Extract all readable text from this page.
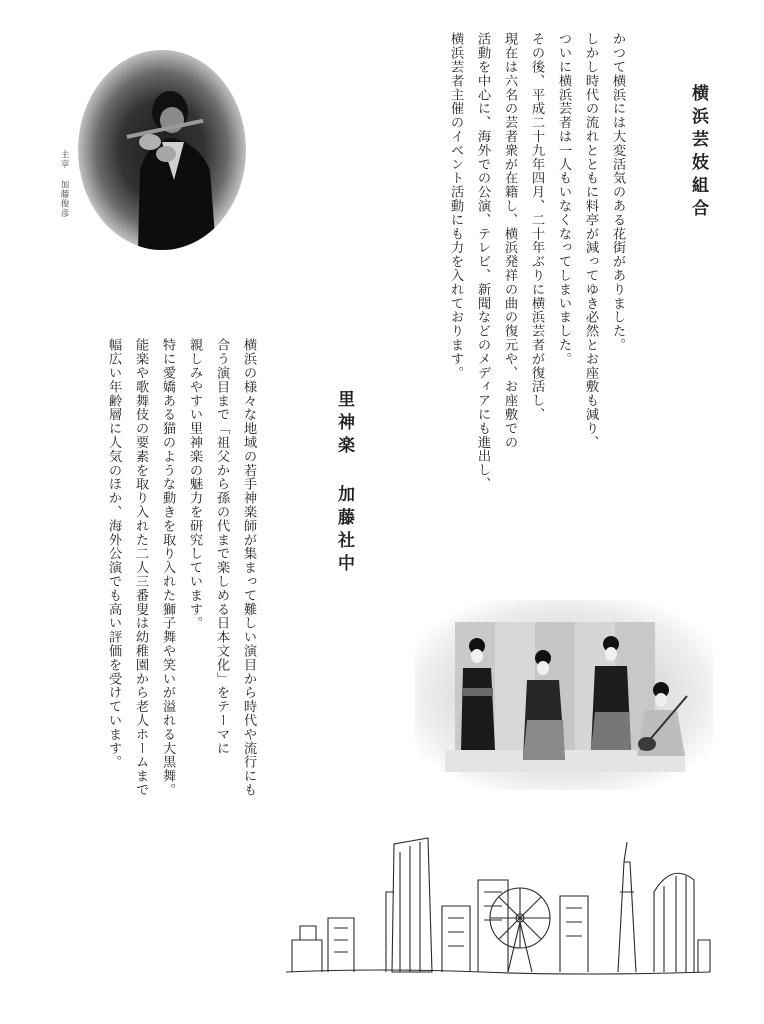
主宰 加藤俊彦	横浜芸妓組合
かつて横浜には大変活気のある花街がありました。
しかし時代の流れとともに料亭が減ってゆき必然とお座敷も減り、
ついに横浜芸者は一人もいなくなってしまいました。
その後、平成二十九年四月、二十年ぶりに横浜芸者が復活し、
現在は六名の芸者衆が在籍し、横浜発祥の曲の復元や、お座敷での
活動を中心に、海外での公演、テレビ、新聞などのメディアにも進出し、
横浜芸者主催のイベント活動にも力を入れております。
里神楽 加藤社中
横浜の様々な地域の若手神楽師が集まって難しい演目から時代や流行にも
合う演目まで「祖父から孫の代まで楽しめる日本文化」をテーマに
親しみやすい里神楽の魅力を研究しています。
特に愛嬌ある猫のような動きを取り入れた獅子舞や笑いが溢れる大黒舞。
能楽や歌舞伎の要素を取り入れた二人三番叟は幼稚園から老人ホームまで
幅広い年齢層に人気のほか、海外公演でも高い評価を受けています。
